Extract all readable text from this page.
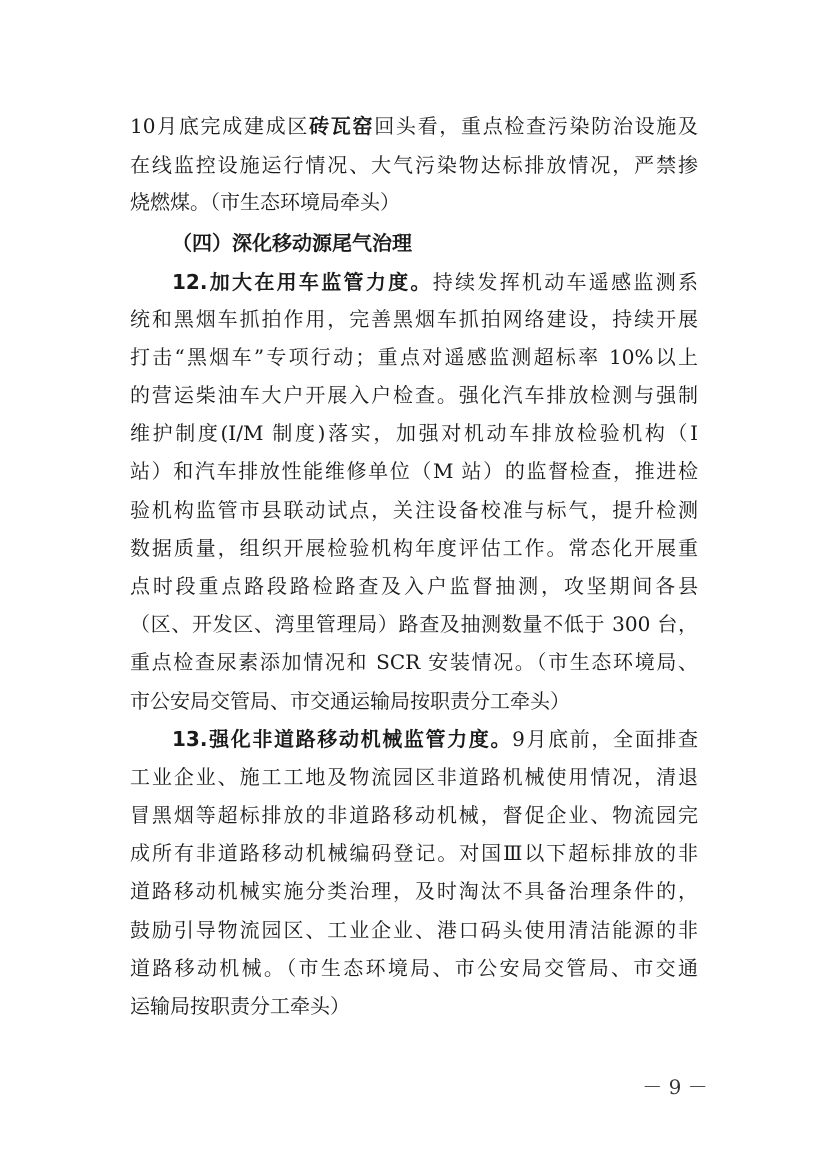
10月底完成建成区砖瓦窑回头看，重点检查污染防治设施及
在线监控设施运行情况、大气污染物达标排放情况，严禁掺
烧燃煤。（市生态环境局牵头）
（四）深化移动源尾气治理
12.加大在用车监管力度。持续发挥机动车遥感监测系
统和黑烟车抓拍作用，完善黑烟车抓拍网络建设，持续开展
打击“黑烟车”专项行动；重点对遥感监测超标率 10%以上
的营运柴油车大户开展入户检查。强化汽车排放检测与强制
维护制度(I/M 制度)落实，加强对机动车排放检验机构（I
站）和汽车排放性能维修单位（M 站）的监督检查，推进检
验机构监管市县联动试点，关注设备校准与标气，提升检测
数据质量，组织开展检验机构年度评估工作。常态化开展重
点时段重点路段路检路查及入户监督抽测，攻坚期间各县
（区、开发区、湾里管理局）路查及抽测数量不低于 300 台，
重点检查尿素添加情况和 SCR 安装情况。（市生态环境局、
市公安局交管局、市交通运输局按职责分工牵头）
13.强化非道路移动机械监管力度。9月底前，全面排查
工业企业、施工工地及物流园区非道路机械使用情况，清退
冒黑烟等超标排放的非道路移动机械，督促企业、物流园完
成所有非道路移动机械编码登记。对国Ⅲ以下超标排放的非
道路移动机械实施分类治理，及时淘汰不具备治理条件的，
鼓励引导物流园区、工业企业、港口码头使用清洁能源的非
道路移动机械。（市生态环境局、市公安局交管局、市交通
运输局按职责分工牵头）
－ 9 －
